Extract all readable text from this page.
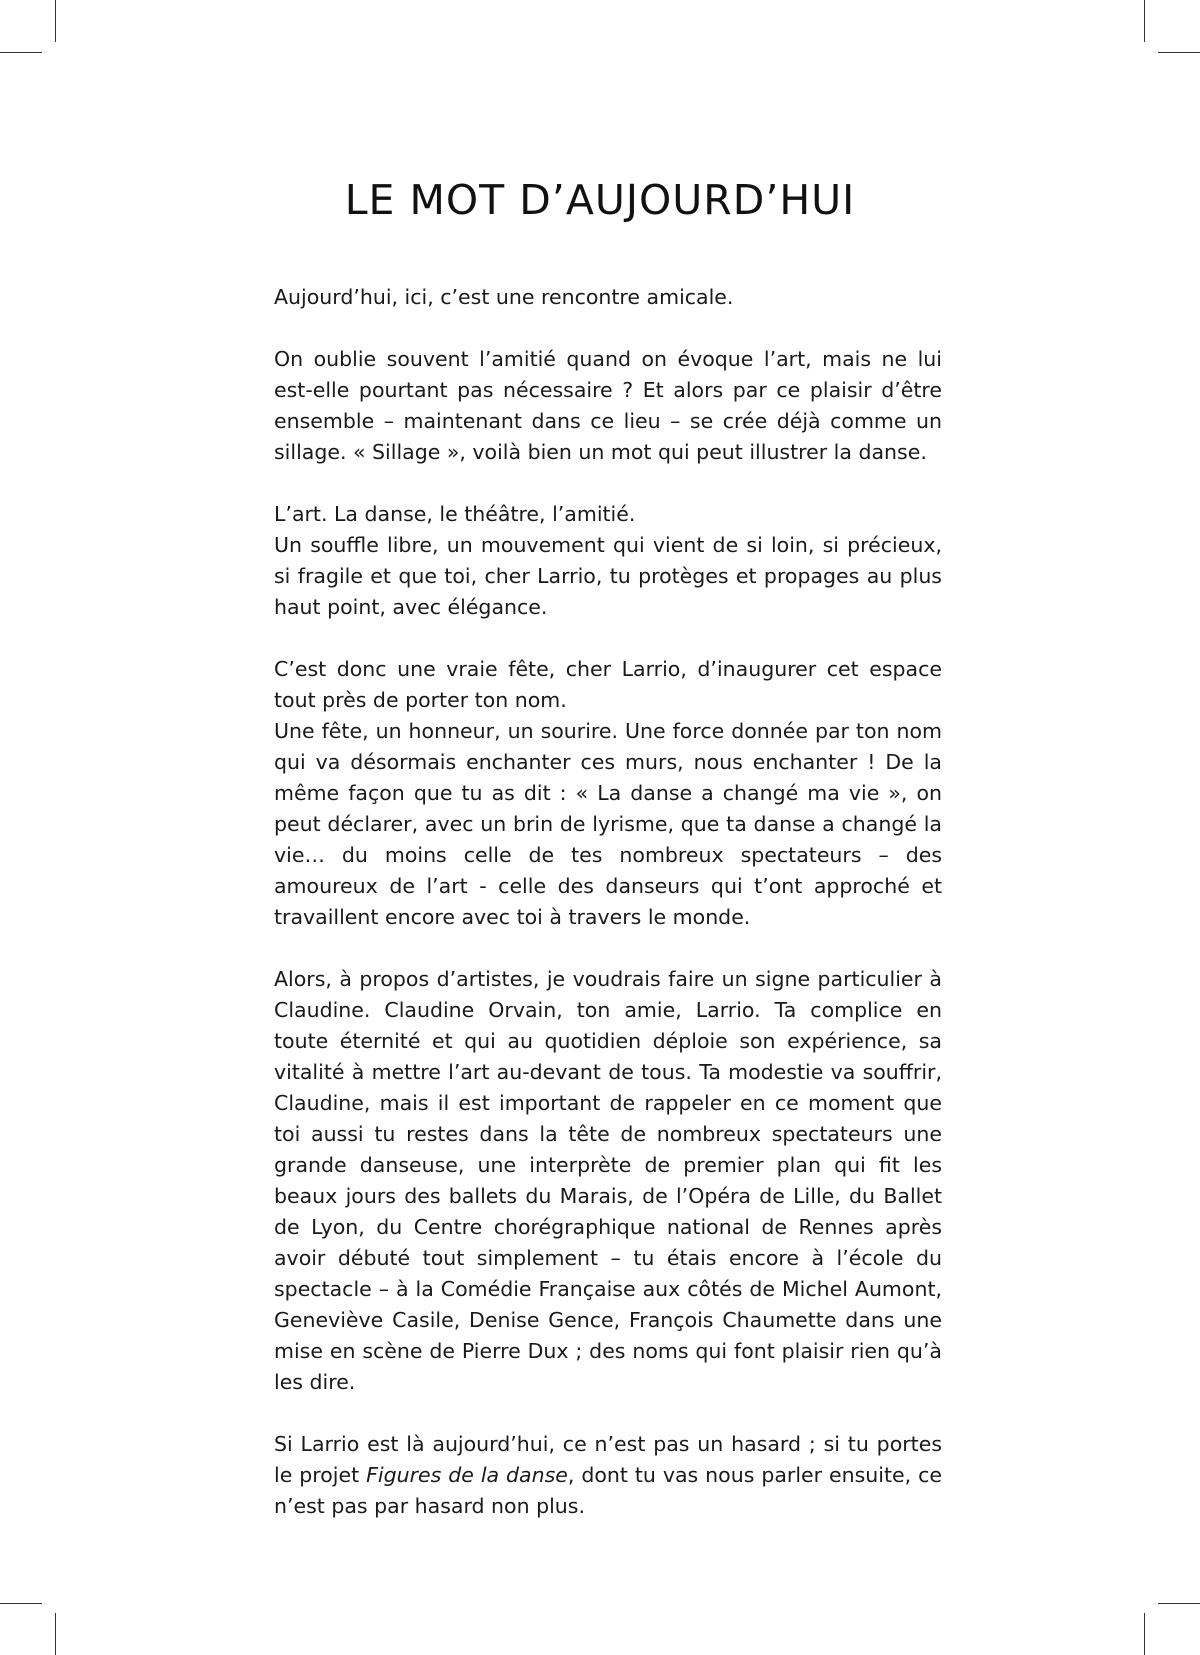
LE MOT D’AUJOURD’HUI

Aujourd’hui, ici, c’est une rencontre amicale.

On oublie souvent l’amitié quand on évoque l’art, mais ne lui est-elle pourtant pas nécessaire ? Et alors par ce plaisir d’être ensemble – maintenant dans ce lieu – se crée déjà comme un sillage. « Sillage », voilà bien un mot qui peut illustrer la danse.

L’art. La danse, le théâtre, l’amitié.
Un souffle libre, un mouvement qui vient de si loin, si précieux, si fragile et que toi, cher Larrio, tu protèges et propages au plus haut point, avec élégance.

C’est donc une vraie fête, cher Larrio, d’inaugurer cet espace tout près de porter ton nom.
Une fête, un honneur, un sourire. Une force donnée par ton nom qui va désormais enchanter ces murs, nous enchanter ! De la même façon que tu as dit : « La danse a changé ma vie », on peut déclarer, avec un brin de lyrisme, que ta danse a changé la vie… du moins celle de tes nombreux spectateurs – des amoureux de l’art - celle des danseurs qui t’ont approché et travaillent encore avec toi à travers le monde.

Alors, à propos d’artistes, je voudrais faire un signe particulier à Claudine. Claudine Orvain, ton amie, Larrio. Ta complice en toute éternité et qui au quotidien déploie son expérience, sa vitalité à mettre l’art au-devant de tous. Ta modestie va souffrir, Claudine, mais il est important de rappeler en ce moment que toi aussi tu restes dans la tête de nombreux spectateurs une grande danseuse, une interprète de premier plan qui fit les beaux jours des ballets du Marais, de l’Opéra de Lille, du Ballet de Lyon, du Centre chorégraphique national de Rennes après avoir débuté tout simplement – tu étais encore à l’école du spectacle – à la Comédie Française aux côtés de Michel Aumont, Geneviève Casile, Denise Gence, François Chaumette dans une mise en scène de Pierre Dux ; des noms qui font plaisir rien qu’à les dire.

Si Larrio est là aujourd’hui, ce n’est pas un hasard ; si tu portes le projet Figures de la danse, dont tu vas nous parler ensuite, ce n’est pas par hasard non plus.
